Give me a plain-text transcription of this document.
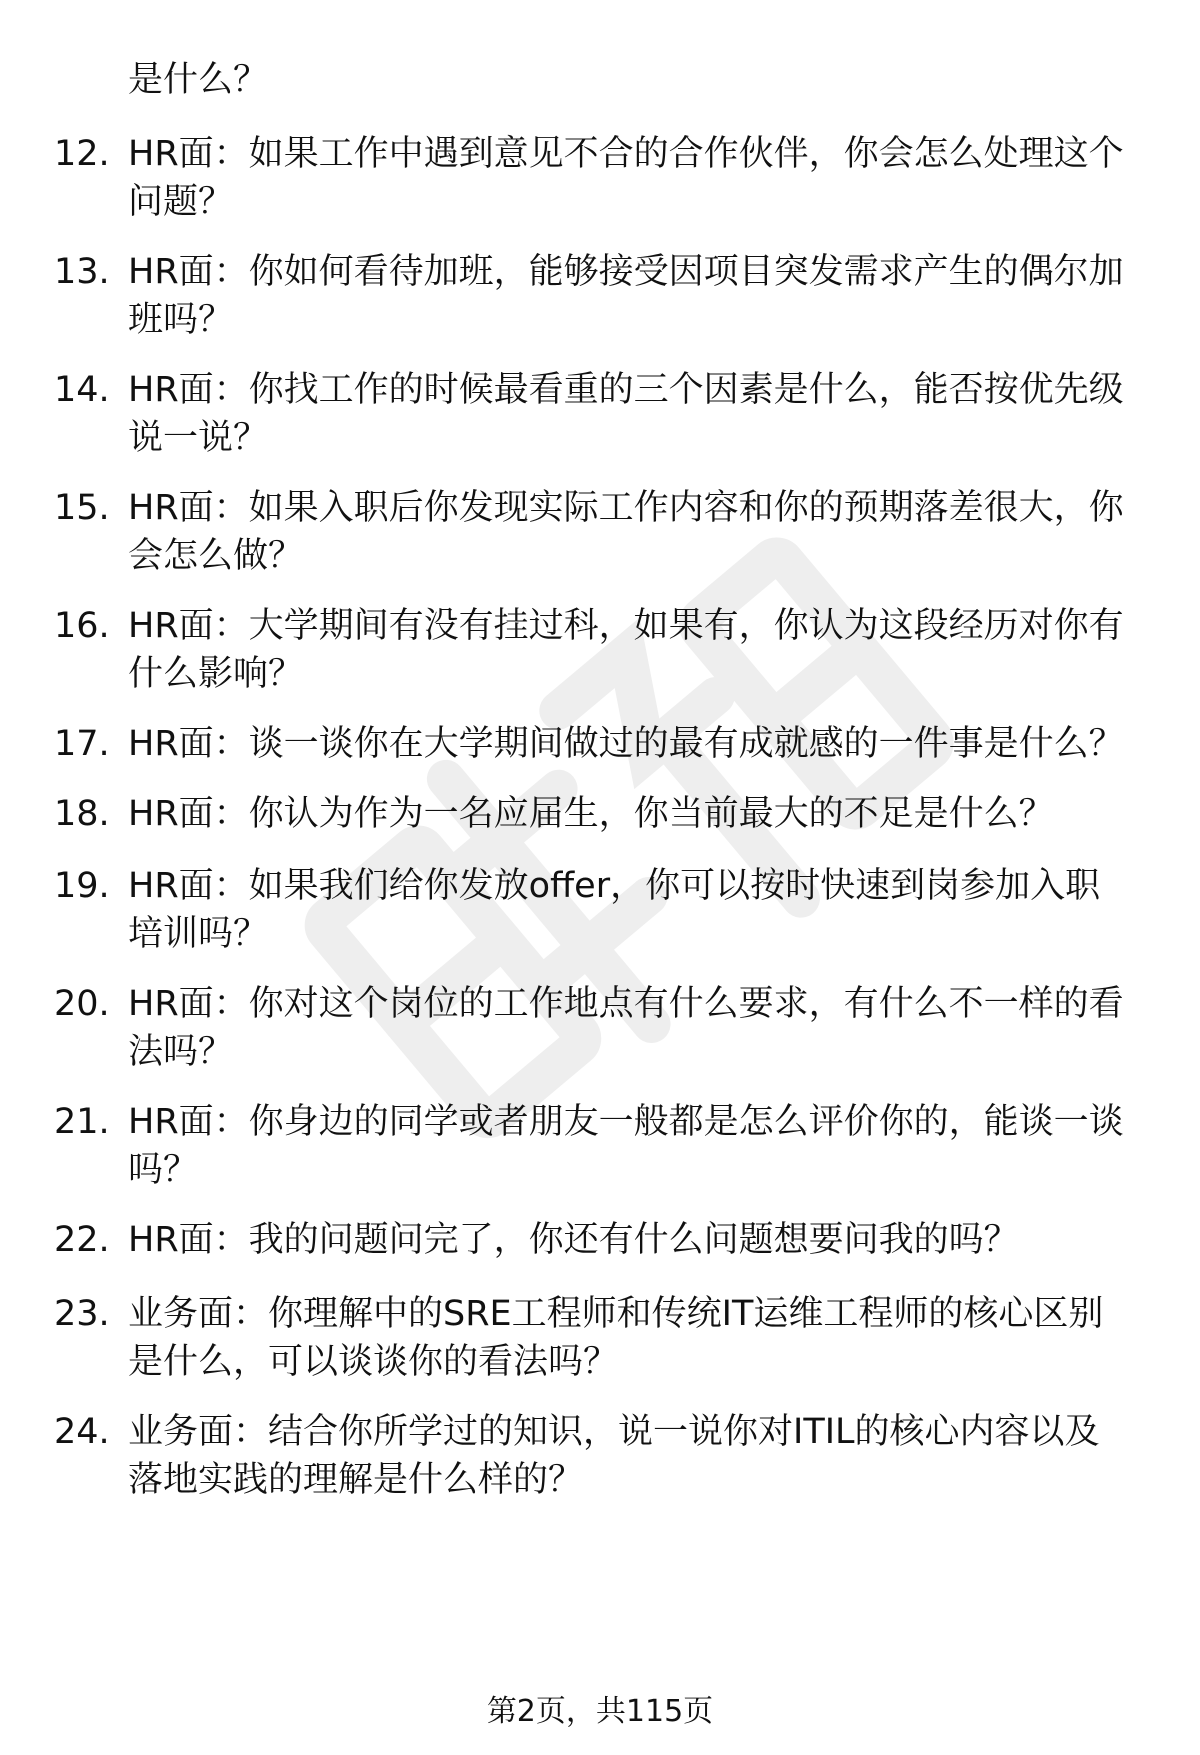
是什么？
12. HR面：如果工作中遇到意见不合的合作伙伴，你会怎么处理这个
问题？
13. HR面：你如何看待加班，能够接受因项目突发需求产生的偶尔加
班吗？
14. HR面：你找工作的时候最看重的三个因素是什么，能否按优先级
说一说？
15. HR面：如果入职后你发现实际工作内容和你的预期落差很大，你
会怎么做？
16. HR面：大学期间有没有挂过科，如果有，你认为这段经历对你有
什么影响？
17. HR面：谈一谈你在大学期间做过的最有成就感的一件事是什么？
18. HR面：你认为作为一名应届生，你当前最大的不足是什么？
19. HR面：如果我们给你发放offer，你可以按时快速到岗参加入职
培训吗？
20. HR面：你对这个岗位的工作地点有什么要求，有什么不一样的看
法吗？
21. HR面：你身边的同学或者朋友一般都是怎么评价你的，能谈一谈
吗？
22. HR面：我的问题问完了，你还有什么问题想要问我的吗？
23. 业务面：你理解中的SRE工程师和传统IT运维工程师的核心区别
是什么，可以谈谈你的看法吗？
24. 业务面：结合你所学过的知识，说一说你对ITIL的核心内容以及
落地实践的理解是什么样的？
第2页，共115页
